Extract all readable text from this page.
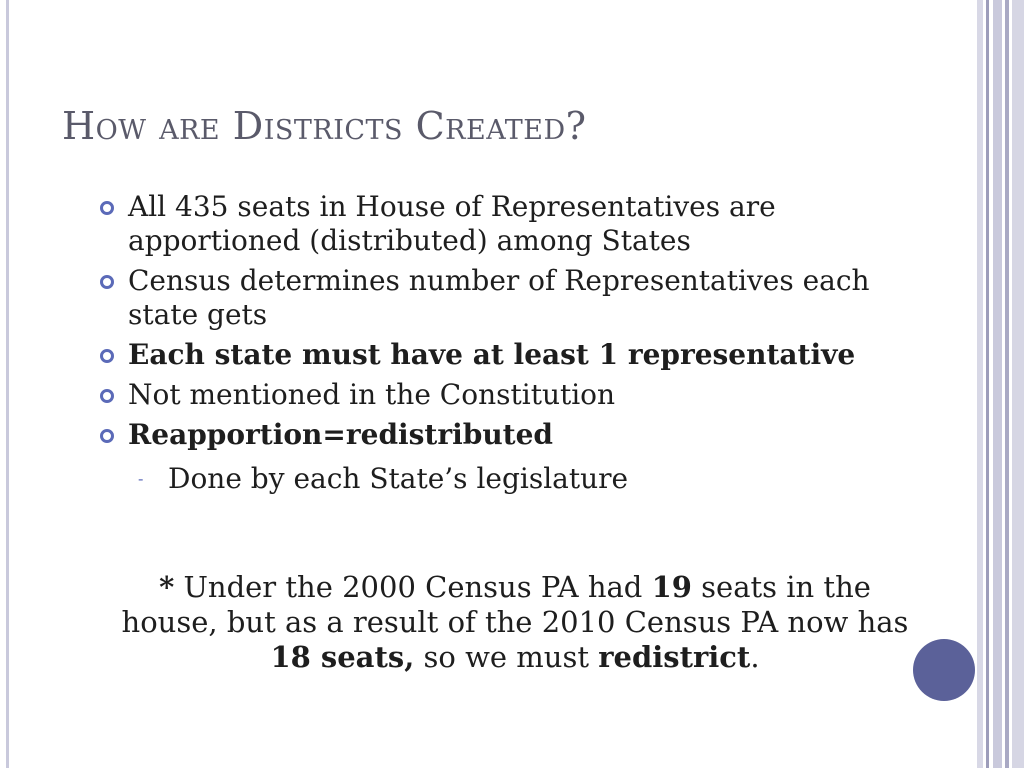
How are Districts Created?
All 435 seats in House of Representatives are apportioned (distributed) among States
Census determines number of Representatives each state gets
Each state must have at least 1 representative
Not mentioned in the Constitution
Reapportion=redistributed
- Done by each State’s legislature
* Under the 2000 Census PA had 19 seats in the house, but as a result of the 2010 Census PA now has 18 seats, so we must redistrict.
